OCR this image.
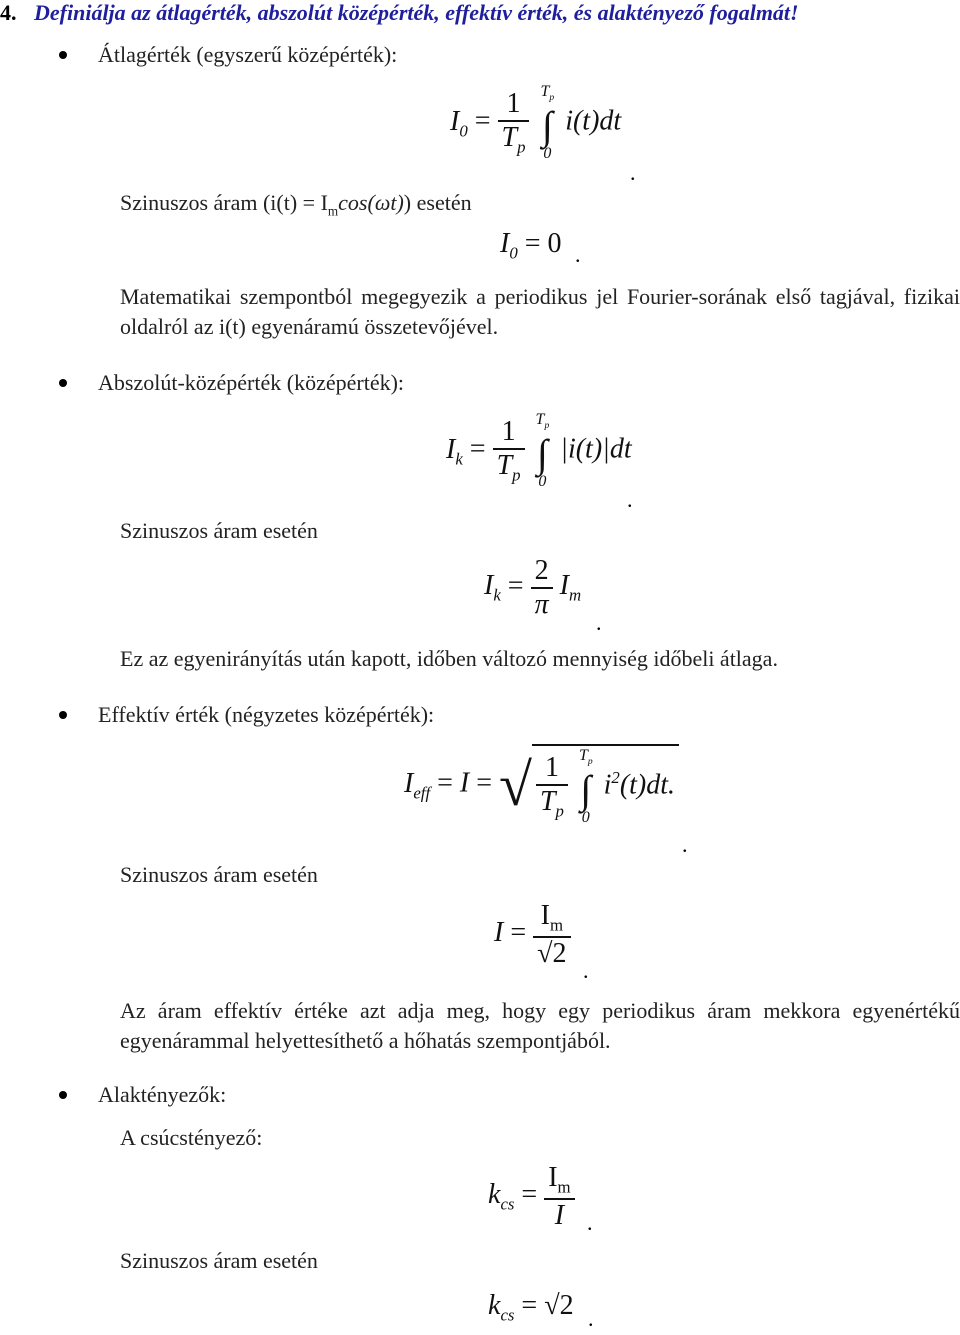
4. Definiálja az átlagérték, abszolút középérték, effektív érték, és alaktényező fogalmát!
Átlagérték (egyszerű középérték):
$I_0 = \frac{1}{T_p}$
$T_p$
∫
0
i(t)dt
.
Szinuszos áram $(i(t) = I_m\cos(\omega t))$ esetén
$I_0 = 0$ .
Matematikai szempontból megegyezik a periodikus jel Fourier-sorának első tagjával, fizikai oldalról az i(t) egyenáramú összetevőjével.
Abszolút-középérték (középérték):
$I_k = \frac{1}{T_p}$
$T_p$
∫
0
|i(t)|dt
.
Szinuszos áram esetén
$I_k = \frac{2}{\pi} I_m$
.
Ez az egyenirányítás után kapott, időben változó mennyiség időbeli átlaga.
Effektív érték (négyzetes középérték):
$I_{eff} = I$ = √ $\frac{1}{T_p}$
$T_p$
∫
0
$i^2(t)dt$.
.
Szinuszos áram esetén
$I = \frac{I_m}{√2}$
.
Az áram effektív értéke azt adja meg, hogy egy periodikus áram mekkora egyenértékű egyenárammal helyettesíthető a hőhatás szempontjából.
Alaktényezők:
A csúcstényező:
$k_{cs} = \frac{I_m}{I}$ .
Szinuszos áram esetén
$k_{cs} = √2$ .
